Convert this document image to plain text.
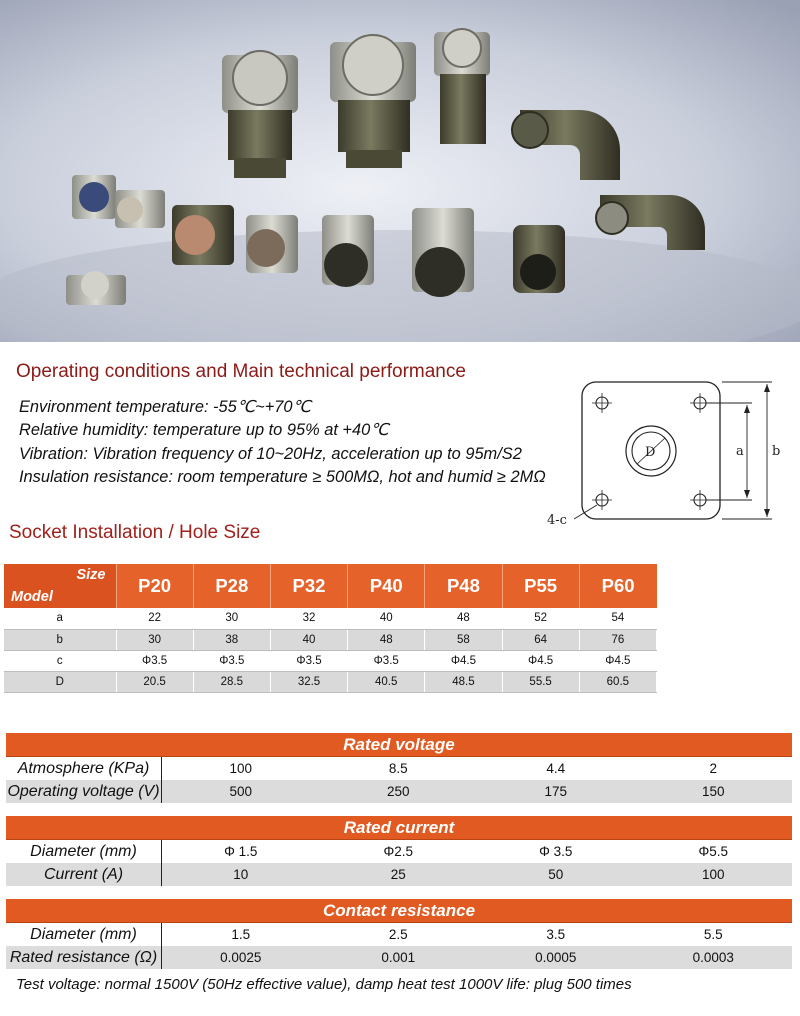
Operating conditions and Main technical performance
Environment temperature: -55℃~+70℃
Relative humidity: temperature up to 95% at +40℃
Vibration: Vibration frequency of 10~20Hz, acceleration up to 95m/S2
Insulation resistance: room temperature ≥ 500MΩ, hot and humid ≥ 2MΩ
D	a b
4-c
Socket Installation / Hole Size
Size
Model	P20	P28	P32	P40	P48	P55	P60
a	22	30	32	40	48	52	54
b	30	38	40	48	58	64	76
c	Φ3.5	Φ3.5	Φ3.5	Φ3.5	Φ4.5	Φ4.5	Φ4.5
D	20.5	28.5	32.5	40.5	48.5	55.5	60.5
Rated voltage
Atmosphere (KPa)	100	8.5	4.4	2
Operating voltage (V)	500	250	175	150
Rated current
Diameter (mm)	Φ 1.5	Φ2.5	Φ 3.5	Φ5.5
Current (A)	10	25	50	100
Contact resistance
Diameter (mm)	1.5	2.5	3.5	5.5
Rated resistance (Ω)	0.0025	0.001	0.0005	0.0003
Test voltage: normal 1500V (50Hz effective value), damp heat test 1000V life: plug 500 times
